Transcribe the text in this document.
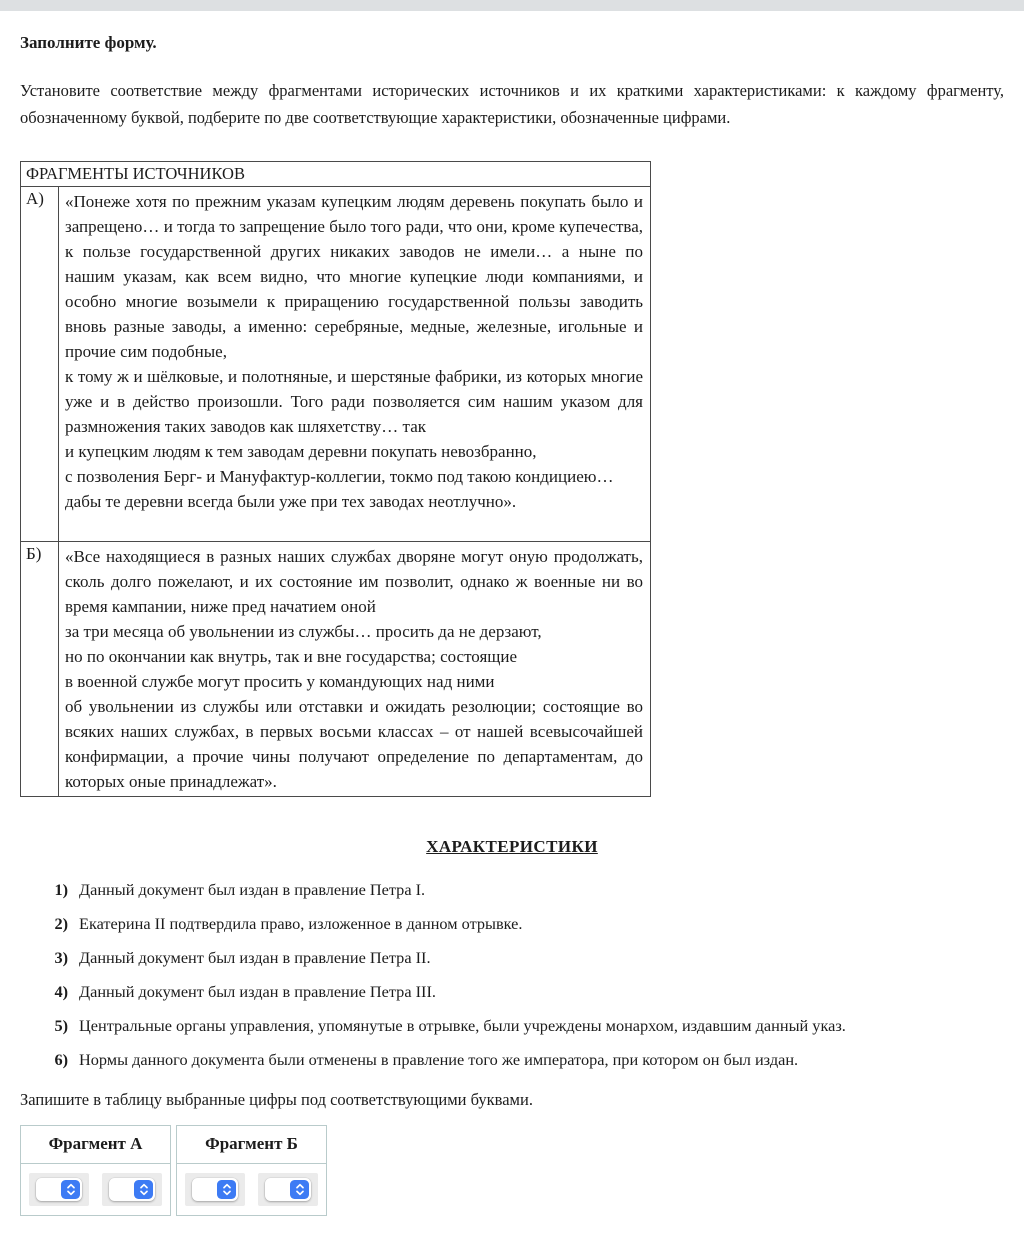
Заполните форму.

Установите соответствие между фрагментами исторических источников и их краткими характеристиками: к каждому фрагменту, обозначенному буквой, подберите по две соответствующие характеристики, обозначенные цифрами.

ФРАГМЕНТЫ ИСТОЧНИКОВ	
А)	«Понеже хотя по прежним указам купецким людям деревень покупать было и запрещено… и тогда то запрещение было того ради, что они, кроме купечества, к пользе государственной других никаких заводов не имели… а ныне по нашим указам, как всем видно, что многие купецкие люди компаниями, и особно многие возымели к приращению государственной пользы заводить вновь разные заводы, а именно: серебряные, медные, железные, игольные и прочие сим подобные,
к тому ж и шёлковые, и полотняные, и шерстяные фабрики, из которых многие уже и в действо произошли. Того ради позволяется сим нашим указом для размножения таких заводов как шляхетству… так
и купецким людям к тем заводам деревни покупать невозбранно,
с позволения Берг- и Мануфактур-коллегии, токмо под такою кондициею…
дабы те деревни всегда были уже при тех заводах неотлучно».

Б)	«Все находящиеся в разных наших службах дворяне могут оную продолжать, сколь долго пожелают, и их состояние им позволит, однако ж военные ни во время кампании, ниже пред начатием оной
за три месяца об увольнении из службы… просить да не дерзают,
но по окончании как внутрь, так и вне государства; состоящие
в военной службе могут просить у командующих над ними
об увольнении из службы или отставки и ожидать резолюции; состоящие во всяких наших службах, в первых восьми классах – от нашей всевысочайшей конфирмации, а прочие чины получают определение по департаментам, до которых оные принадлежат».
ХАРАКТЕРИСТИКИ
1) Данный документ был издан в правление Петра I.
2) Екатерина II подтвердила право, изложенное в данном отрывке.
3) Данный документ был издан в правление Петра II.
4) Данный документ был издан в правление Петра III.
5) Центральные органы управления, упомянутые в отрывке, были учреждены монархом, издавшим данный указ.
6) Нормы данного документа были отменены в правление того же императора, при котором он был издан.

Запишите в таблицу выбранные цифры под соответствующими буквами.

Фрагмент А	Фрагмент Б
